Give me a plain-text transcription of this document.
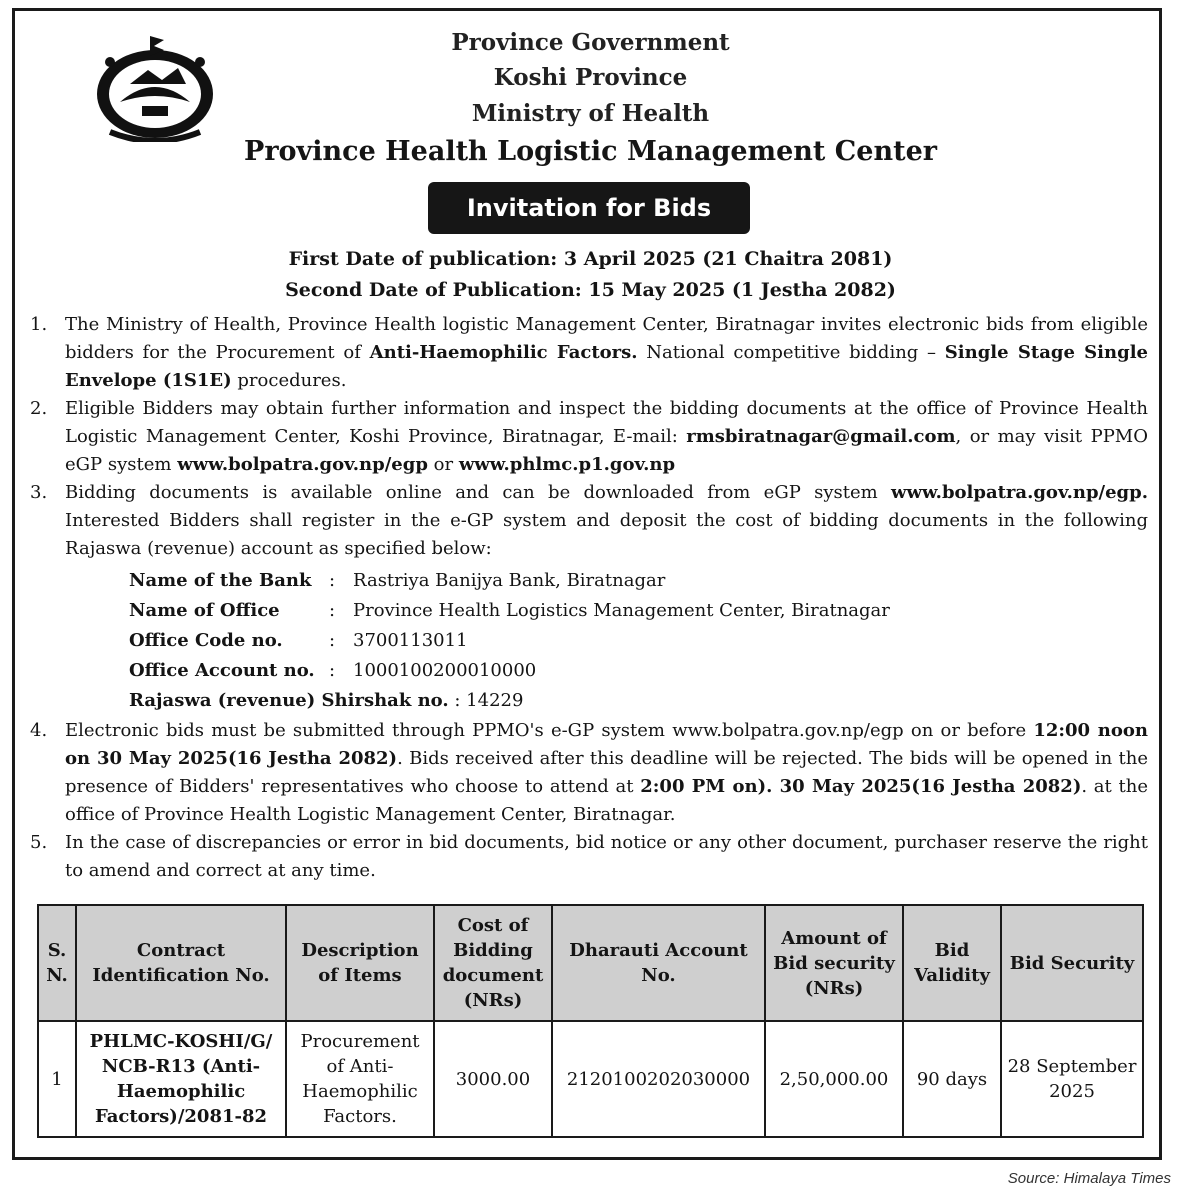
Province Government
Koshi Province
Ministry of Health
Province Health Logistic Management Center
Invitation for Bids
First Date of publication: 3 April 2025 (21 Chaitra 2081)
Second Date of Publication: 15 May 2025 (1 Jestha 2082)
1. The Ministry of Health, Province Health logistic Management Center, Biratnagar invites electronic bids from eligible bidders for the Procurement of Anti-Haemophilic Factors. National competitive bidding – Single Stage Single Envelope (1S1E) procedures.
2. Eligible Bidders may obtain further information and inspect the bidding documents at the office of Province Health Logistic Management Center, Koshi Province, Biratnagar, E-mail: rmsbiratnagar@gmail.com, or may visit PPMO eGP system www.bolpatra.gov.np/egp or www.phlmc.p1.gov.np
3. Bidding documents is available online and can be downloaded from eGP system www.bolpatra.gov.np/egp. Interested Bidders shall register in the e-GP system and deposit the cost of bidding documents in the following Rajaswa (revenue) account as specified below:
Name of the Bank	:	Rastriya Banijya Bank, Biratnagar
Name of Office	:	Province Health Logistics Management Center, Biratnagar
Office Code no.	:	3700113011
Office Account no.	:	1000100200010000
Rajaswa (revenue) Shirshak no. : 14229		
4. Electronic bids must be submitted through PPMO's e-GP system www.bolpatra.gov.np/egp on or before 12:00 noon on 30 May 2025(16 Jestha 2082). Bids received after this deadline will be rejected. The bids will be opened in the presence of Bidders' representatives who choose to attend at 2:00 PM on). 30 May 2025(16 Jestha 2082). at the office of Province Health Logistic Management Center, Biratnagar.
5. In the case of discrepancies or error in bid documents, bid notice or any other document, purchaser reserve the right to amend and correct at any time.
S. N.	Contract Identification No.	Description of Items	Cost of Bidding document (NRs)	Dharauti Account No.	Amount of Bid security (NRs)	Bid Validity	Bid Security
1	PHLMC-KOSHI/G/ NCB-R13 (Anti-Haemophilic Factors)/2081-82	Procurement of Anti-Haemophilic Factors.	3000.00	2120100202030000	2,50,000.00	90 days	28 September 2025
Source: Himalaya Times
